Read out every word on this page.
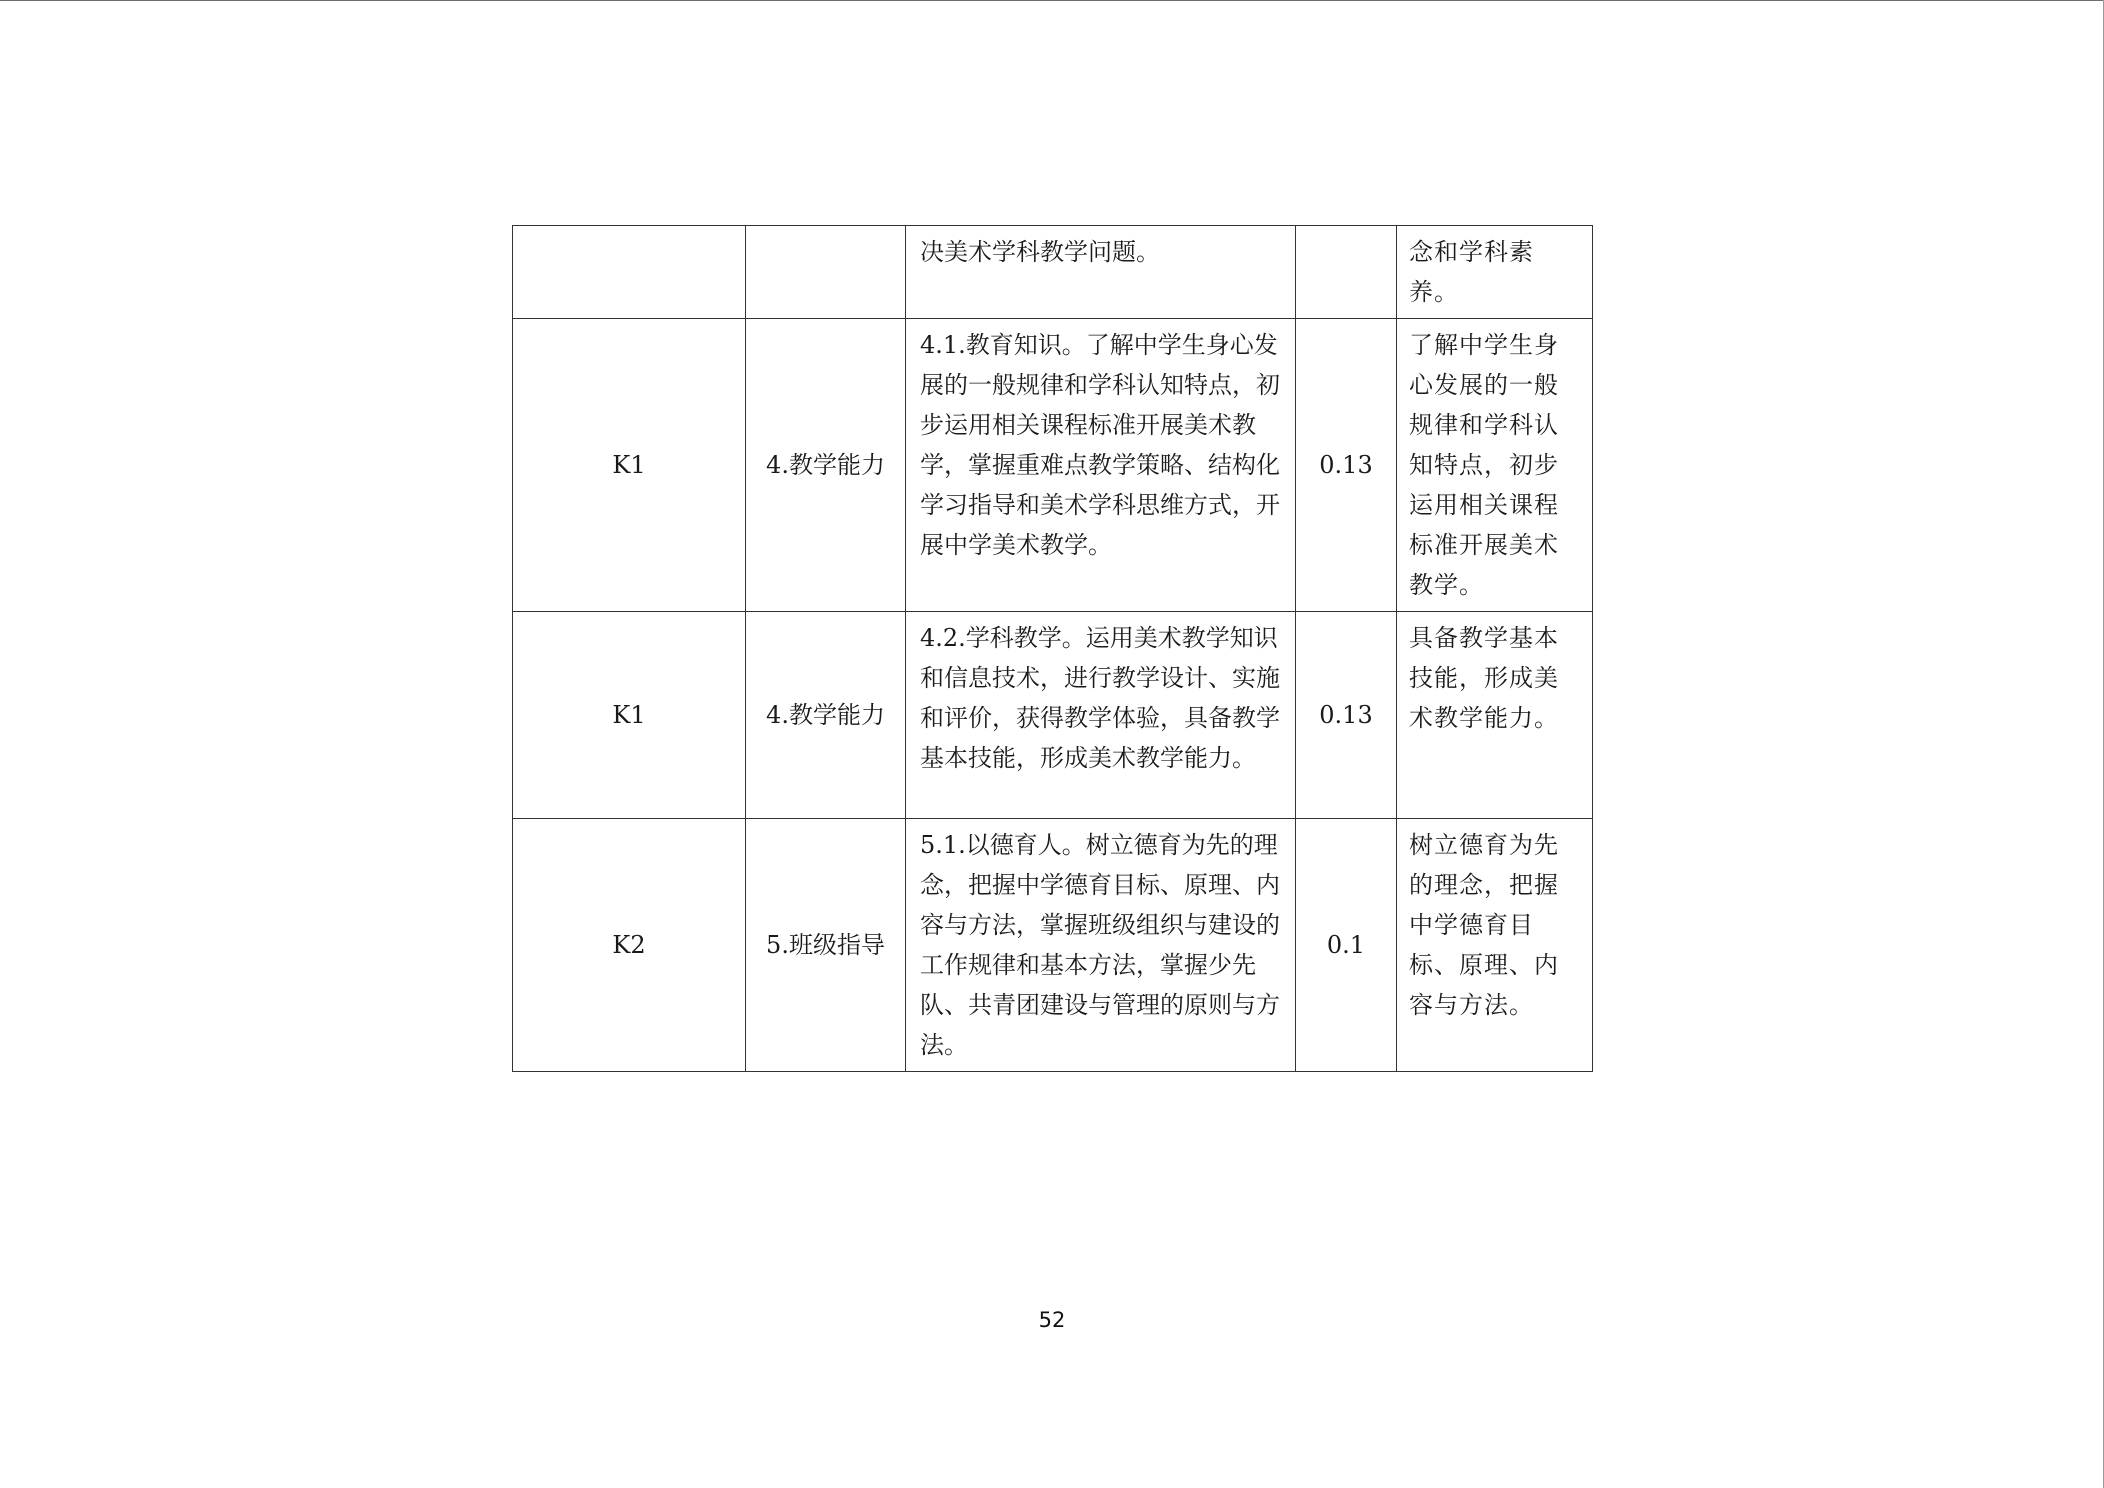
		决美术学科教学问题。		念和学科素养。
K1	4.教学能力	4.1.教育知识。了解中学生身心发展的一般规律和学科认知特点，初步运用相关课程标准开展美术教学，掌握重难点教学策略、结构化学习指导和美术学科思维方式，开展中学美术教学。	0.13	了解中学生身心发展的一般规律和学科认知特点，初步运用相关课程标准开展美术教学。
K1	4.教学能力	4.2.学科教学。运用美术教学知识和信息技术，进行教学设计、实施和评价，获得教学体验，具备教学基本技能，形成美术教学能力。	0.13	具备教学基本技能，形成美术教学能力。
K2	5.班级指导	5.1.以德育人。树立德育为先的理念，把握中学德育目标、原理、内容与方法，掌握班级组织与建设的工作规律和基本方法，掌握少先队、共青团建设与管理的原则与方法。	0.1	树立德育为先的理念，把握中学德育目标、原理、内容与方法。
52
